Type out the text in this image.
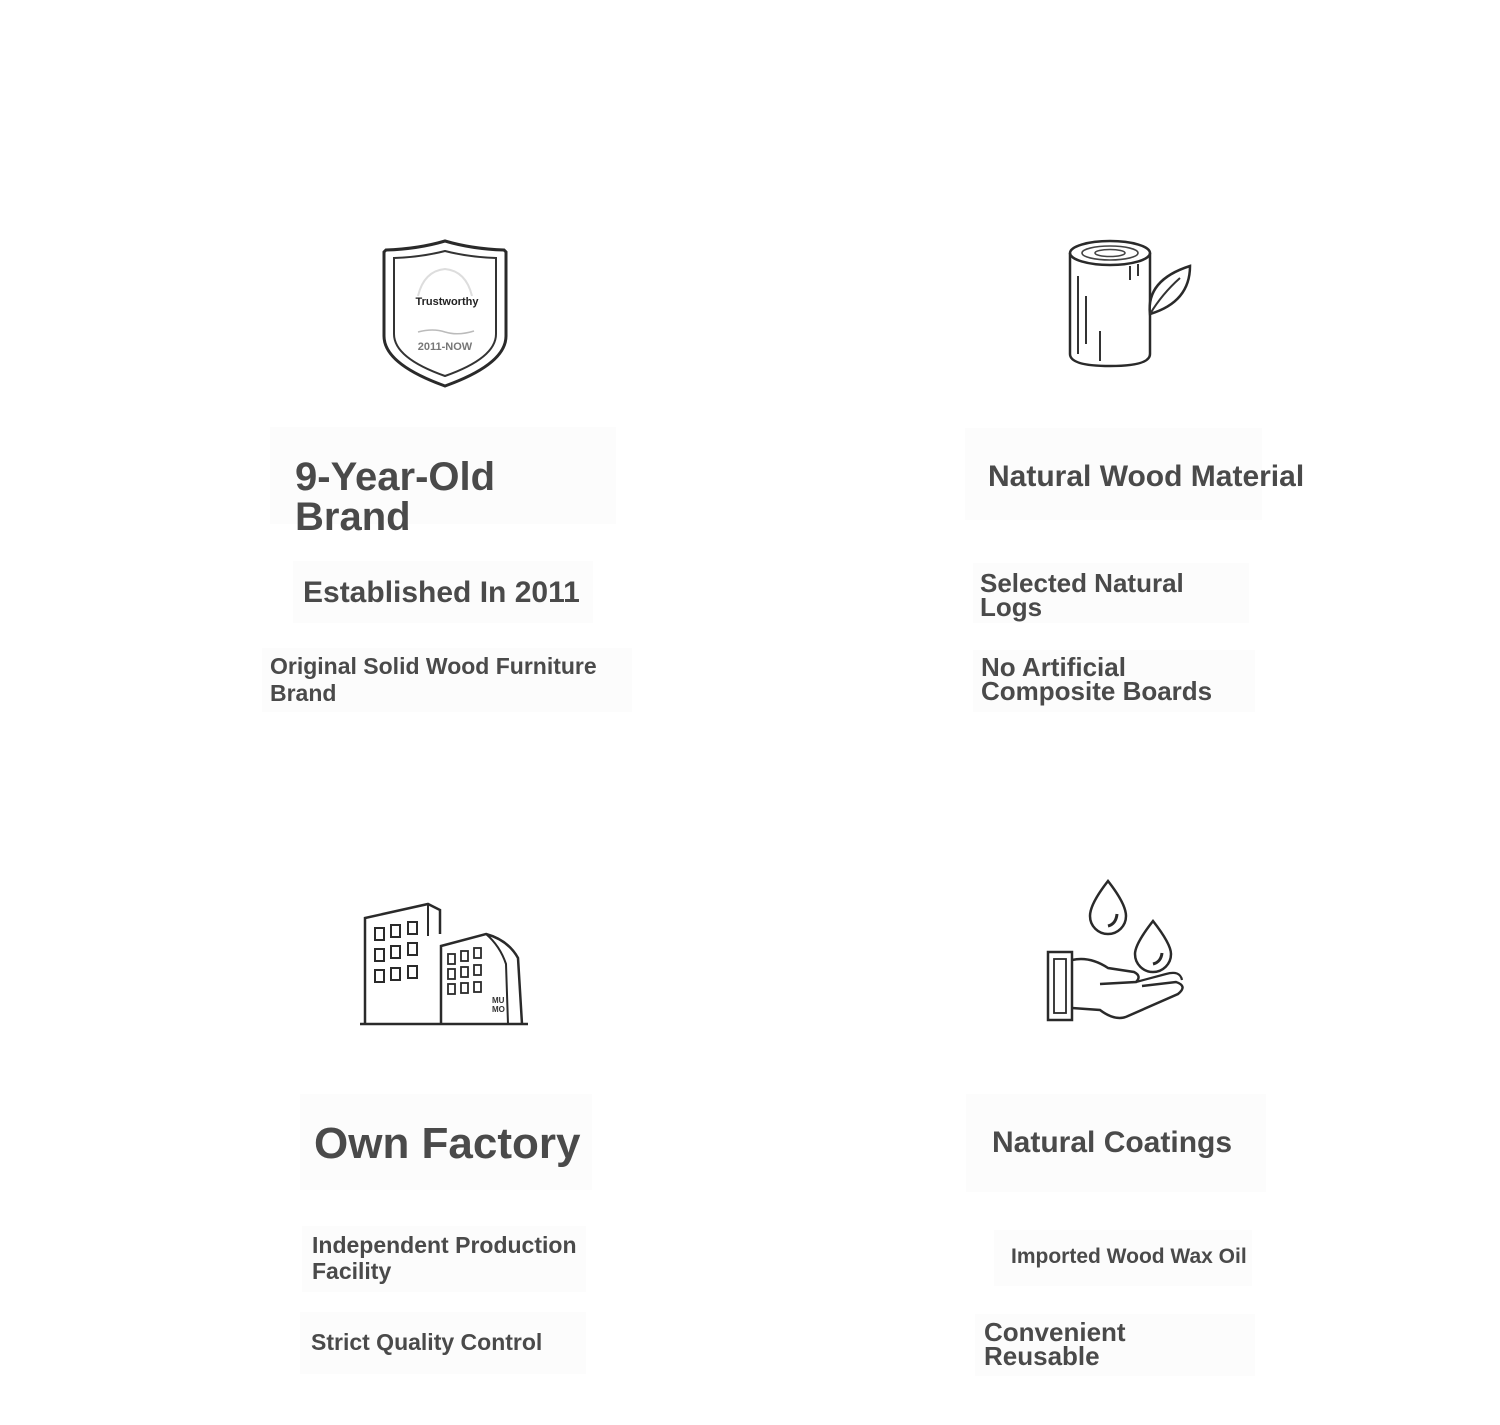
Trustworthy
2011-NOW
9-Year-Old Brand
Established In 2011
Original Solid Wood Furniture Brand
Natural Wood Material
Selected Natural Logs
No Artificial Composite Boards
MU
MO
Own Factory
Independent Production Facility
Strict Quality Control
Natural Coatings
Imported Wood Wax Oil
Convenient Reusable
